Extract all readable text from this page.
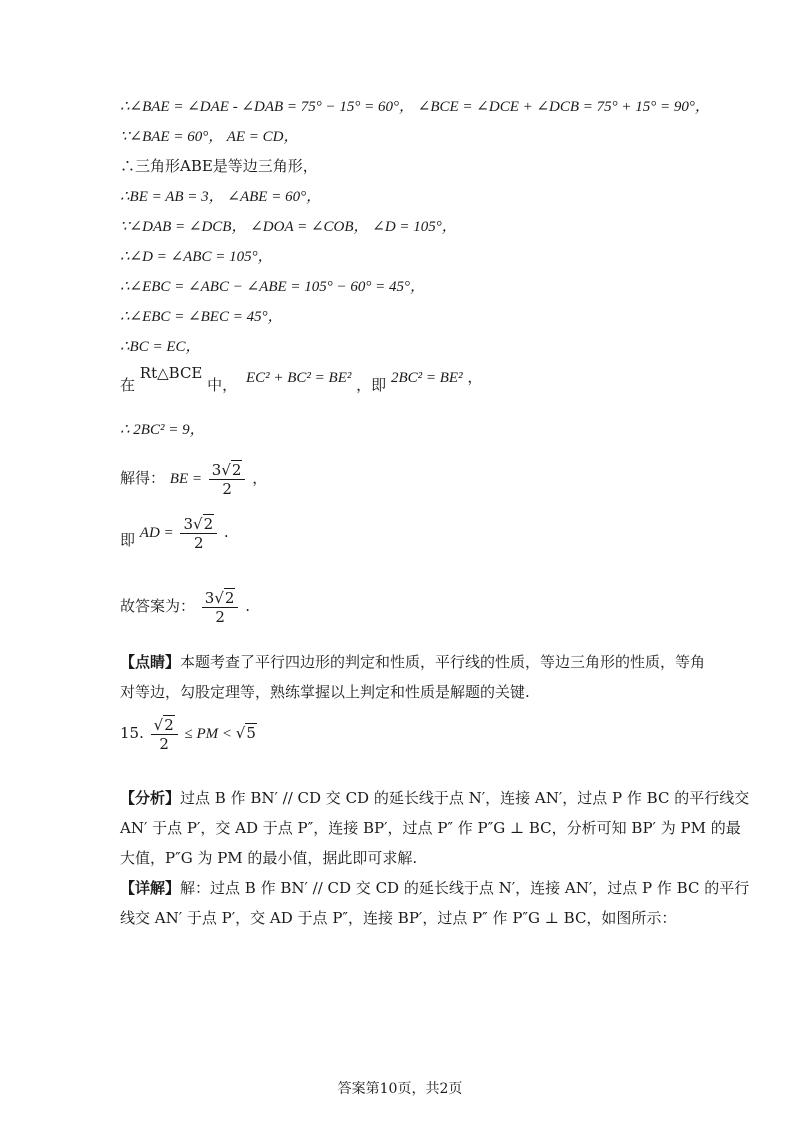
∴∠BAE = ∠DAE - ∠DAB = 75° − 15° = 60°， ∠BCE = ∠DCE + ∠DCB = 75° + 15° = 90°，
∵∠BAE = 60°， AE = CD，
∴三角形ABE是等边三角形，
∴BE = AB = 3， ∠ABE = 60°，
∵∠DAB = ∠DCB， ∠DOA = ∠COB， ∠D = 105°，
∴∠D = ∠ABC = 105°，
∴∠EBC = ∠ABC − ∠ABE = 105° − 60° = 45°，
∴∠EBC = ∠BEC = 45°，
∴BC = EC，
在 Rt△BCE 中， EC² + BC² = BE² ，即 2BC² = BE² ，
∴ 2BC² = 9，
解得： BE = $\frac{3√2}{2}$ ，
即 AD = $\frac{3√2}{2}$ .
故答案为： $\frac{3√2}{2}$ .
【点睛】本题考查了平行四边形的判定和性质，平行线的性质，等边三角形的性质，等角
对等边，勾股定理等，熟练掌握以上判定和性质是解题的关键.
15. $\frac{√2}{2}$ ≤ PM < √5
【分析】过点 B 作 BN′ // CD 交 CD 的延长线于点 N′，连接 AN′，过点 P 作 BC 的平行线交
AN′ 于点 P′，交 AD 于点 P″，连接 BP′，过点 P″ 作 P″G ⊥ BC，分析可知 BP′ 为 PM 的最
大值，P″G 为 PM 的最小值，据此即可求解.
【详解】解：过点 B 作 BN′ // CD 交 CD 的延长线于点 N′，连接 AN′，过点 P 作 BC 的平行
线交 AN′ 于点 P′，交 AD 于点 P″，连接 BP′，过点 P″ 作 P″G ⊥ BC，如图所示：
答案第10页，共2页
